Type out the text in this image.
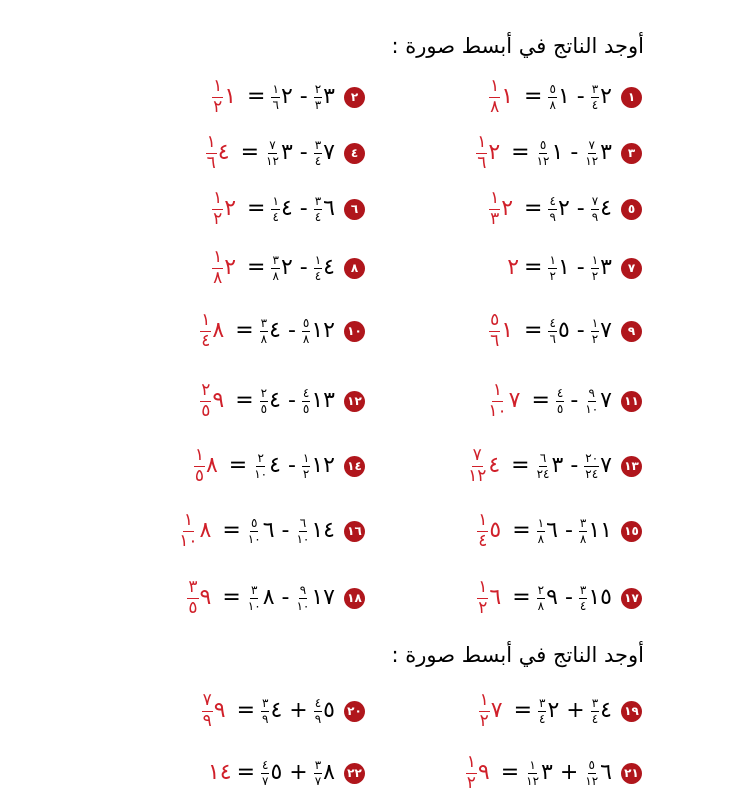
أوجد الناتج في أبسط صورة :
أوجد الناتج في أبسط صورة :
$\frac{١}{٨}$ ١ = $\frac{٥}{٨}$ ١ - $\frac{٣}{٤}$ ٢	١
$\frac{١}{٢}$ ١ = $\frac{١}{٦}$ ٢ - $\frac{٢}{٣}$ ٣	٢
$\frac{١}{٦}$ ٢ = $\frac{٥}{١٢}$ ١ - $\frac{٧}{١٢}$ ٣	٣
$\frac{١}{٦}$ ٤ = $\frac{٧}{١٢}$ ٣ - $\frac{٣}{٤}$ ٧	٤
$\frac{١}{٣}$ ٢ = $\frac{٤}{٩}$ ٢ - $\frac{٧}{٩}$ ٤	٥
$\frac{١}{٢}$ ٢ = $\frac{١}{٤}$ ٤ - $\frac{٣}{٤}$ ٦	٦
٢ = $\frac{١}{٢}$ ١ - $\frac{١}{٢}$ ٣	٧
$\frac{١}{٨}$ ٢ = $\frac{٣}{٨}$ ٢ - $\frac{١}{٤}$ ٤	٨
$\frac{٥}{٦}$ ١ = $\frac{٤}{٦}$ ٥ - $\frac{١}{٢}$ ٧	٩
$\frac{١}{٤}$ ٨ = $\frac{٣}{٨}$ ٤ - $\frac{٥}{٨}$ ١٢ ١٠
$\frac{١}{١٠}$ ٧ = $\frac{٤}{٥} - \frac{٩}{١٠}$ ٧ ١١
$\frac{٢}{٥}$ ٩ = $\frac{٢}{٥}$ ٤ - $\frac{٤}{٥}$ ١٣ ١٢
$\frac{٧}{١٢}$ ٤ = $\frac{٦}{٢٤}$ ٣ - $\frac{٢٠}{٢٤}$ ٧ ١٣
$\frac{١}{٥}$ ٨ = $\frac{٢}{١٠}$ ٤ - $\frac{١}{٢}$ ١٢ ١٤
$\frac{١}{٤}$ ٥ = $\frac{١}{٨}$ ٦ - $\frac{٣}{٨}$ ١١ ١٥
$\frac{١}{١٠}$ ٨ = $\frac{٥}{١٠}$ ٦ - $\frac{٦}{١٠}$ ١٤ ١٦
$\frac{١}{٢}$ ٦ = $\frac{٢}{٨}$ ٩ - $\frac{٣}{٤}$ ١٥ ١٧
$\frac{٣}{٥}$ ٩ = $\frac{٣}{١٠}$ ٨ - $\frac{٩}{١٠}$ ١٧ ١٨
$\frac{١}{٢}$ ٧ = $\frac{٣}{٤}$ ٢ + $\frac{٣}{٤}$ ٤ ١٩
$\frac{٧}{٩}$ ٩ = $\frac{٣}{٩}$ ٤ + $\frac{٤}{٩}$ ٥ ٢٠
$\frac{١}{٢}$ ٩ = $\frac{١}{١٢}$ ٣ + $\frac{٥}{١٢}$ ٦ ٢١
١٤ = $\frac{٤}{٧}$ ٥ + $\frac{٣}{٧}$ ٨ ٢٢
